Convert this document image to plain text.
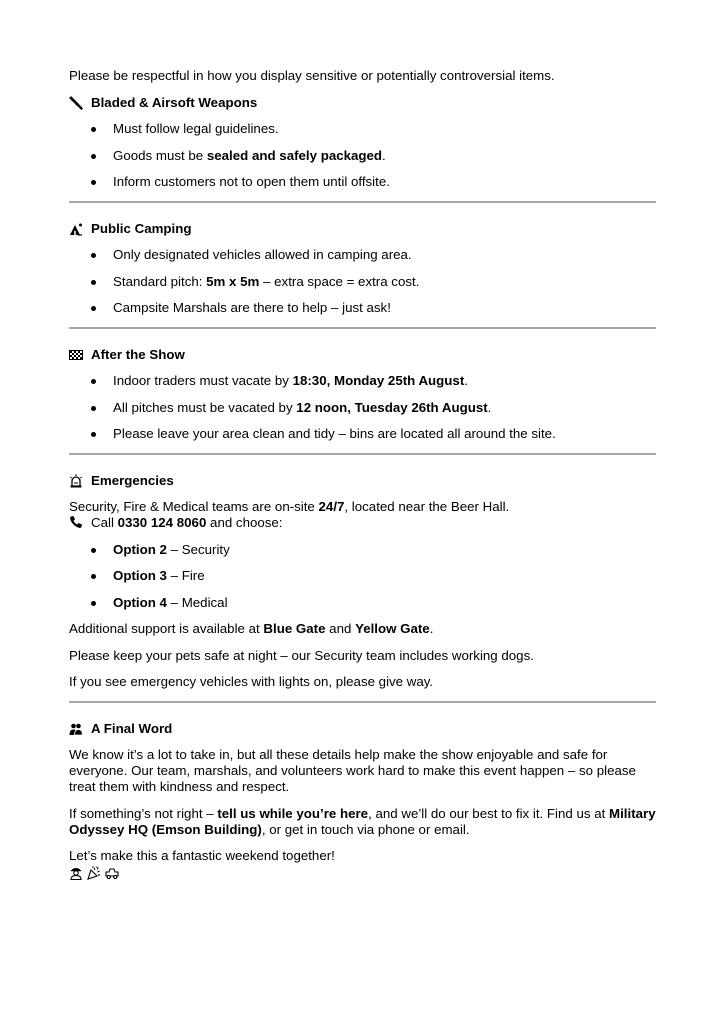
Please be respectful in how you display sensitive or potentially controversial items.

Bladed & Airsoft Weapons
Must follow legal guidelines.
Goods must be sealed and safely packaged.
Inform customers not to open them until offsite.
Public Camping
Only designated vehicles allowed in camping area.
Standard pitch: 5m x 5m – extra space = extra cost.
Campsite Marshals are there to help – just ask!
After the Show
Indoor traders must vacate by 18:30, Monday 25th August.
All pitches must be vacated by 12 noon, Tuesday 26th August.
Please leave your area clean and tidy – bins are located all around the site.
Emergencies

Security, Fire & Medical teams are on-site 24/7, located near the Beer Hall.

Call 0330 124 8060 and choose:

Option 2 – Security
Option 3 – Fire
Option 4 – Medical

Additional support is available at Blue Gate and Yellow Gate.

Please keep your pets safe at night – our Security team includes working dogs.

If you see emergency vehicles with lights on, please give way.

A Final Word

We know it’s a lot to take in, but all these details help make the show enjoyable and safe for everyone. Our team, marshals, and volunteers work hard to make this event happen – so please treat them with kindness and respect.

If something’s not right – tell us while you’re here, and we’ll do our best to fix it. Find us at Military Odyssey HQ (Emson Building), or get in touch via phone or email.

Let’s make this a fantastic weekend together!
